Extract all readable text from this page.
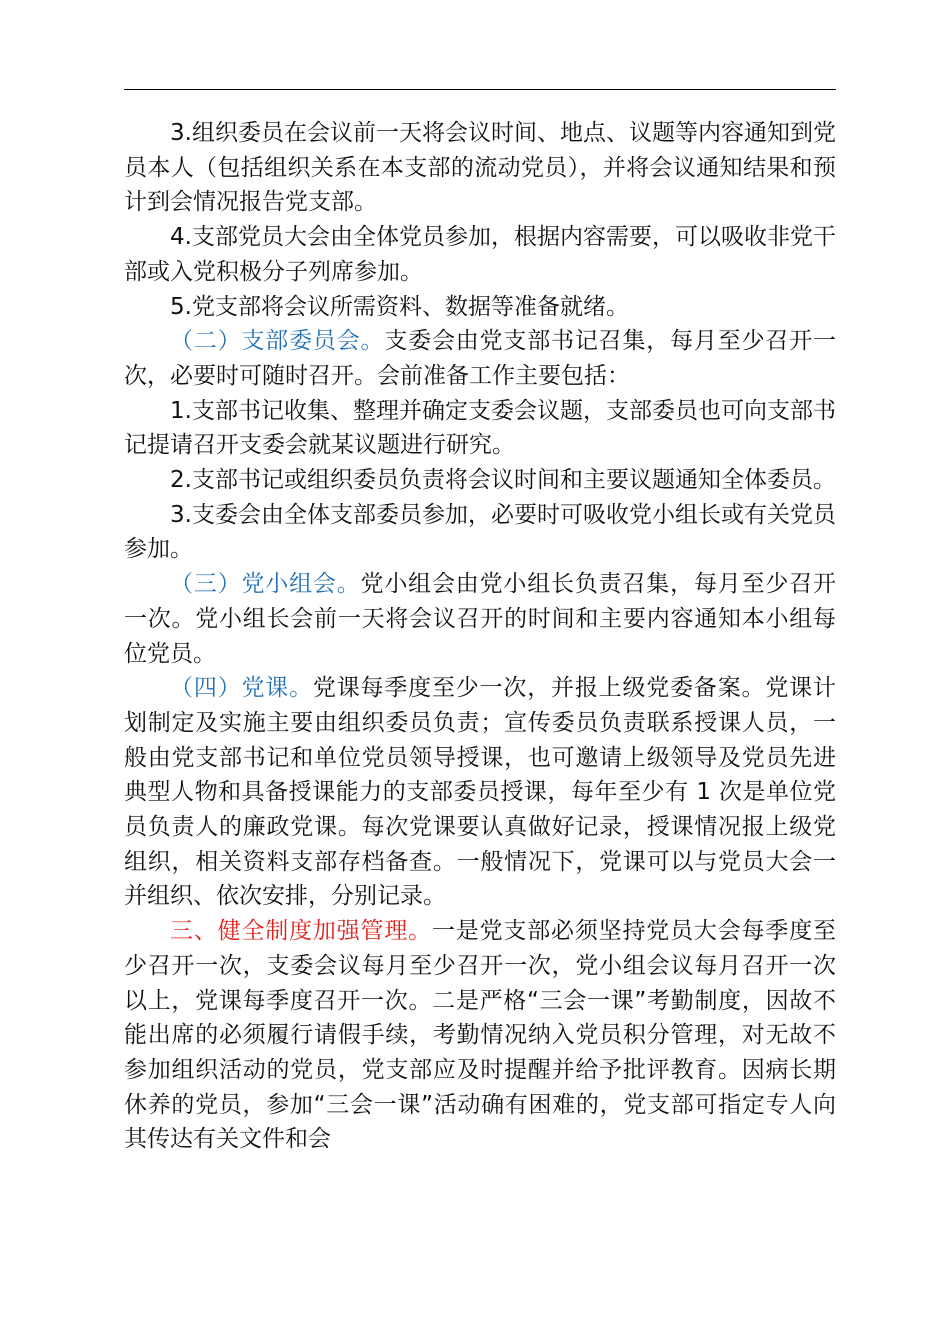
3.组织委员在会议前一天将会议时间、地点、议题等内容通知到党员本人（包括组织关系在本支部的流动党员），并将会议通知结果和预计到会情况报告党支部。

4.支部党员大会由全体党员参加，根据内容需要，可以吸收非党干部或入党积极分子列席参加。

5.党支部将会议所需资料、数据等准备就绪。

（二）支部委员会。支委会由党支部书记召集，每月至少召开一次，必要时可随时召开。会前准备工作主要包括：

1.支部书记收集、整理并确定支委会议题，支部委员也可向支部书记提请召开支委会就某议题进行研究。

2.支部书记或组织委员负责将会议时间和主要议题通知全体委员。

3.支委会由全体支部委员参加，必要时可吸收党小组长或有关党员参加。

（三）党小组会。党小组会由党小组长负责召集，每月至少召开一次。党小组长会前一天将会议召开的时间和主要内容通知本小组每位党员。

（四）党课。党课每季度至少一次，并报上级党委备案。党课计划制定及实施主要由组织委员负责；宣传委员负责联系授课人员，一般由党支部书记和单位党员领导授课，也可邀请上级领导及党员先进典型人物和具备授课能力的支部委员授课，每年至少有 1 次是单位党员负责人的廉政党课。每次党课要认真做好记录，授课情况报上级党组织，相关资料支部存档备查。一般情况下，党课可以与党员大会一并组织、依次安排，分别记录。

三、健全制度加强管理。一是党支部必须坚持党员大会每季度至少召开一次，支委会议每月至少召开一次，党小组会议每月召开一次以上，党课每季度召开一次。二是严格“三会一课”考勤制度，因故不能出席的必须履行请假手续，考勤情况纳入党员积分管理，对无故不参加组织活动的党员，党支部应及时提醒并给予批评教育。因病长期休养的党员，参加“三会一课”活动确有困难的，党支部可指定专人向其传达有关文件和会
